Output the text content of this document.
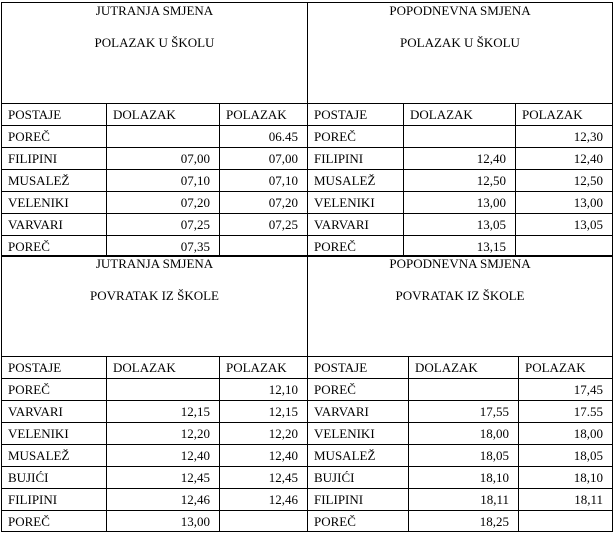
JUTRANJA SMJENA
POLAZAK U ŠKOLU		

POSTAJE	DOLAZAK	POLAZAK
POREČ		06.45
FILIPINI	07,00	07,00
MUSALEŽ	07,10	07,10
VELENIKI	07,20	07,20
VARVARI	07,25	07,25
POREČ	07,35	
POPODNEVNA SMJENA
POLAZAK U ŠKOLU		

POSTAJE	DOLAZAK	POLAZAK
POREČ		12,30
FILIPINI	12,40	12,40
MUSALEŽ	12,50	12,50
VELENIKI	13,00	13,00
VARVARI	13,05	13,05
POREČ	13,15	
JUTRANJA SMJENA
POVRATAK IZ ŠKOLE		

POSTAJE	DOLAZAK	POLAZAK
POREČ		12,10
VARVARI	12,15	12,15
VELENIKI	12,20	12,20
MUSALEŽ	12,40	12,40
BUJIĆI	12,45	12,45
FILIPINI	12,46	12,46
POREČ	13,00	
POPODNEVNA SMJENA
POVRATAK IZ ŠKOLE		

POSTAJE	DOLAZAK	POLAZAK
POREČ		17,45
VARVARI	17,55	17.55
VELENIKI	18,00	18,00
MUSALEŽ	18,05	18,05
BUJIĆI	18,10	18,10
FILIPINI	18,11	18,11
POREČ	18,25	
